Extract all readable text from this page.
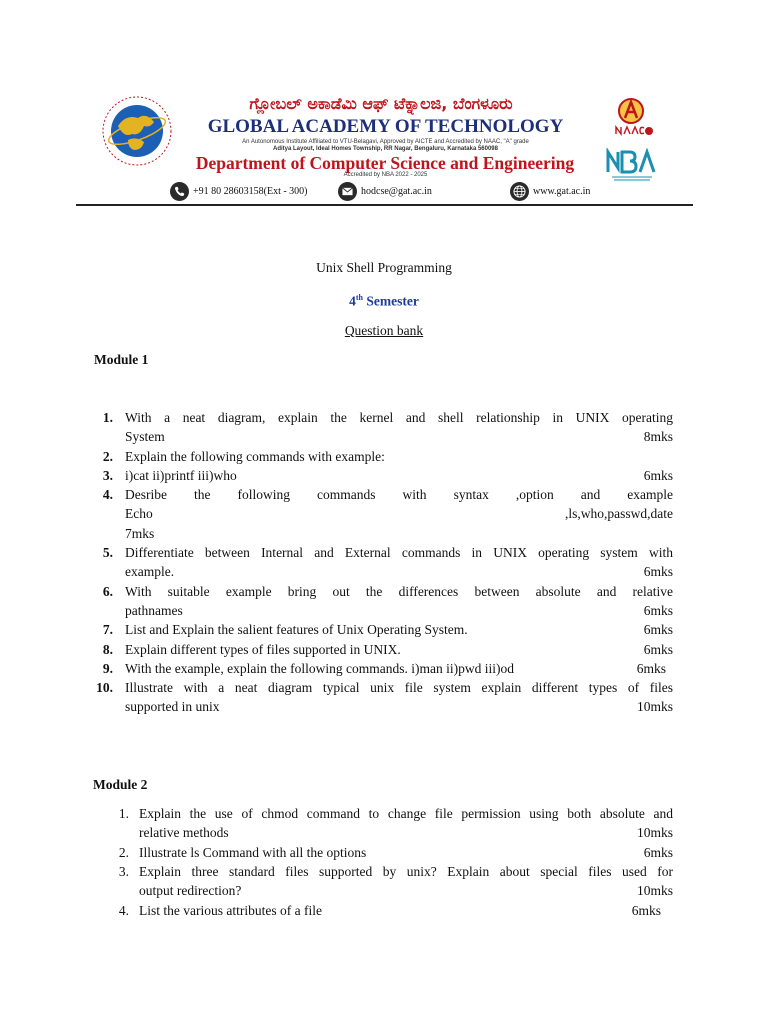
ಗ್ಲೋಬಲ್ ಅಕಾಡೆಮಿ ಆಫ್ ಟೆಕ್ನಾಲಜಿ, ಬೆಂಗಳೂರು
GLOBAL ACADEMY OF TECHNOLOGY
An Autonomous Institute Affiliated to VTU-Belagavi, Approved by AICTE and Accredited by NAAC, "A" grade
Aditya Layout, Ideal Homes Township, RR Nagar, Bengaluru, Karnataka 560098
Department of Computer Science and Engineering
Accredited by NBA 2022 - 2025
+91 80 28603158(Ext - 300)	hodcse@gat.ac.in	www.gat.ac.in
Unix Shell Programming
4th Semester
Question bank
Module 1
1. With a neat diagram, explain the kernel and shell relationship in UNIX operating
System	8mks
2. Explain the following commands with example:
3. i)cat ii)printf iii)who	6mks
4. Desribe the following commands with syntax ,option and example
Echo ,ls,who,passwd,date
7mks
5. Differentiate between Internal and External commands in UNIX operating system with
example.	6mks
6. With suitable example bring out the differences between absolute and relative
pathnames	6mks
7. List and Explain the salient features of Unix Operating System.	6mks
8. Explain different types of files supported in UNIX.	6mks
9. With the example, explain the following commands. i)man ii)pwd iii)od	6mks
10. Illustrate with a neat diagram typical unix file system explain different types of files
supported in unix	10mks
Module 2
1. Explain the use of chmod command to change file permission using both absolute and
relative methods	10mks
2. Illustrate ls Command with all the options	6mks
3. Explain three standard files supported by unix? Explain about special files used for
output redirection?	10mks
4. List the various attributes of a file	6mks
